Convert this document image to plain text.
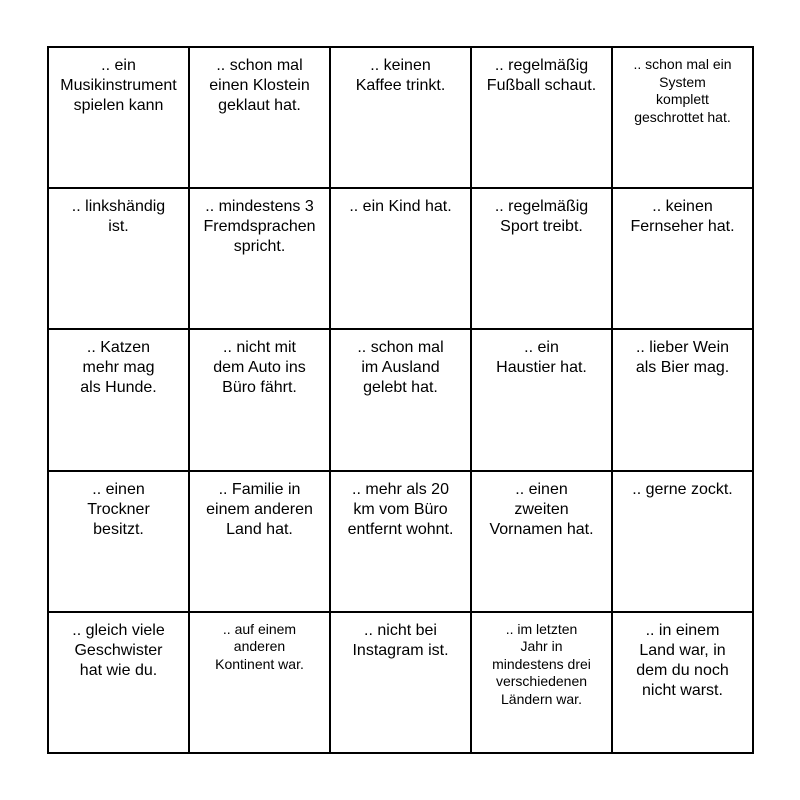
.. ein
Musikinstrument
spielen kann
.. schon mal
einen Klostein
geklaut hat.
.. keinen
Kaffee trinkt.
.. regelmäßig
Fußball schaut.
.. schon mal ein
System
komplett
geschrottet hat.
.. linkshändig
ist.
.. mindestens 3
Fremdsprachen
spricht.
.. ein Kind hat.	.. regelmäßig
Sport treibt.
.. keinen
Fernseher hat.
.. Katzen
mehr mag
als Hunde.
.. nicht mit
dem Auto ins
Büro fährt.
.. schon mal
im Ausland
gelebt hat.
.. ein
Haustier hat.
.. lieber Wein
als Bier mag.
.. einen
Trockner
besitzt.
.. Familie in
einem anderen
Land hat.
.. mehr als 20
km vom Büro
entfernt wohnt.
.. einen
zweiten
Vornamen hat.
.. gerne zockt.
.. gleich viele
Geschwister
hat wie du.
.. auf einem
anderen
Kontinent war.
.. nicht bei
Instagram ist.
.. im letzten
Jahr in
mindestens drei
verschiedenen
Ländern war.
.. in einem
Land war, in
dem du noch
nicht warst.
